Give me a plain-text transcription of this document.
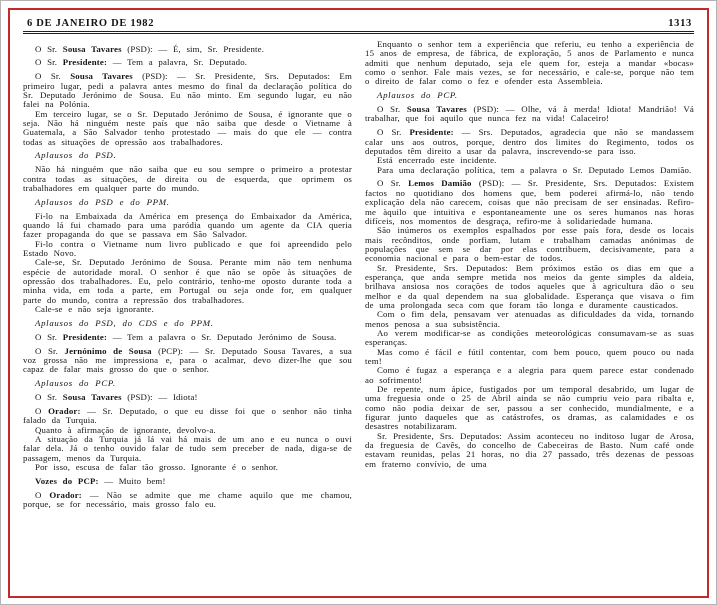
6 DE JANEIRO DE 1982	1313
O Sr. Sousa Tavares (PSD): — É, sim, Sr. Presidente.
O Sr. Presidente: — Tem a palavra, Sr. Deputado.
O Sr. Sousa Tavares (PSD): — Sr. Presidente, Srs. Deputados: Em primeiro lugar, pedi a palavra antes mesmo do final da declaração política do Sr. Deputado Jerónimo de Sousa. Eu não minto. Em segundo lugar, eu não falei na Polónia.
Em terceiro lugar, se o Sr. Deputado Jerónimo de Sousa, é ignorante que o seja. Não há ninguém neste país que não saiba que desde o Vietname à Guatemala, a São Salvador tenho protestado — mais do que ele — contra todas as situações de opressão aos trabalhadores.
Aplausos do PSD.
Não há ninguém que não saiba que eu sou sempre o primeiro a protestar contra todas as situações, de direita ou de esquerda, que oprimem os trabalhadores em qualquer parte do mundo.
Aplausos do PSD e do PPM.
Fi-lo na Embaixada da América em presença do Embaixador da América, quando lá fui chamado para uma paródia quando um agente da CIA queria fazer propaganda do que se passava em São Salvador.
Fi-lo contra o Vietname num livro publicado e que foi apreendido pelo Estado Novo.
Cale-se, Sr. Deputado Jerónimo de Sousa. Perante mim não tem nenhuma espécie de autoridade moral. O senhor é que não se opõe às situações de opressão dos trabalhadores. Eu, pelo contrário, tenho-me oposto durante toda a minha vida, em toda a parte, em Portugal ou seja onde for, em qualquer parte do mundo, contra a repressão dos trabalhadores.
Cale-se e não seja ignorante.
Aplausos do PSD, do CDS e do PPM.
O Sr. Presidente: — Tem a palavra o Sr. Deputado Jerónimo de Sousa.
O Sr. Jernónimo de Sousa (PCP): — Sr. Deputado Sousa Tavares, a sua voz grossa não me impressiona e, para o acalmar, devo dizer-lhe que sou capaz de falar mais grosso do que o senhor.
Aplausos do PCP.
O Sr. Sousa Tavares (PSD): — Idiota!
O Orador: — Sr. Deputado, o que eu disse foi que o senhor não tinha falado da Turquia.
Quanto à afirmação de ignorante, devolvo-a.
A situação da Turquia já lá vai há mais de um ano e eu nunca o ouvi falar dela. Já o tenho ouvido falar de tudo sem preceber de nada, diga-se de passagem, menos da Turquia.
Por isso, escusa de falar tão grosso. Ignorante é o senhor.
Vozes do PCP: — Muito bem!
O Orador: — Não se admite que me chame aquilo que me chamou, porque, se for necessário, mais grosso falo eu.
Enquanto o senhor tem a experiência que referiu, eu tenho a experiência de 15 anos de empresa, de fábrica, de exploração, 5 anos de Parlamento e nunca admiti que nenhum deputado, seja ele quem for, esteja a mandar «bocas» como o senhor. Fale mais vezes, se for necessário, e cale-se, porque não tem o direito de falar como o fez e ofender esta Assembleia.
Aplausos do PCP.
O Sr. Sousa Tavares (PSD): — Olhe, vá à merda! Idiota! Mandrião! Vá trabalhar, que foi aquilo que nunca fez na vida! Calaceiro!
O Sr. Presidente: — Srs. Deputados, agradecia que não se mandassem calar uns aos outros, porque, dentro dos limites do Regimento, todos os deputados têm direito a usar da palavra, inscrevendo-se para isso.
Está encerrado este incidente.
Para uma declaração política, tem a palavra o Sr. Deputado Lemos Damião.
O Sr. Lemos Damião (PSD): — Sr. Presidente, Srs. Deputados: Existem factos no quotidiano dos homens que, bem poderei afirmá-lo, não tendo explicação dela não carecem, coisas que não precisam de ser ensinadas. Refiro-me àquilo que intuitiva e espontaneamente une os seres humanos nas horas difíceis, nos momentos de desgraça, refiro-me à solidariedade humana.
São inúmeros os exemplos espalhados por esse país fora, desde os locais mais recônditos, onde porfiam, lutam e trabalham camadas anónimas de populações que sem se dar por elas contribuem, decisivamente, para a economia nacional e para o bem-estar de todos.
Sr. Presidente, Srs. Deputados: Bem próximos estão os dias em que a esperança, que anda sempre metida nos meios da gente simples da aldeia, brilhava ansiosa nos corações de todos aqueles que à agricultura dão o seu melhor e da qual dependem na sua globalidade. Esperança que visava o fim de uma prolongada seca com que foram tão longa e duramente causticados.
Com o fim dela, pensavam ver atenuadas as dificuldades da vida, tornando menos penosa a sua subsistência.
Ao verem modificar-se as condições meteorológicas consumavam-se as suas esperanças.
Mas como é fácil e fútil contentar, com bem pouco, quem pouco ou nada tem!
Como é fugaz a esperança e a alegria para quem parece estar condenado ao sofrimento!
De repente, num ápice, fustigados por um temporal desabrido, um lugar de uma freguesia onde o 25 de Abril ainda se não cumpriu veio para ribalta e, como não podia deixar de ser, passou a ser conhecido, mundialmente, e a figurar junto daqueles que as catástrofes, os dramas, as calamidades e os desastres notabilizaram.
Sr. Presidente, Srs. Deputados: Assim aconteceu no inditoso lugar de Arosa, da freguesia de Cavês, do concelho de Cabeceiras de Basto. Num café onde estavam reunidas, pelas 21 horas, no dia 27 passado, três dezenas de pessoas em fraterno convívio, de uma
